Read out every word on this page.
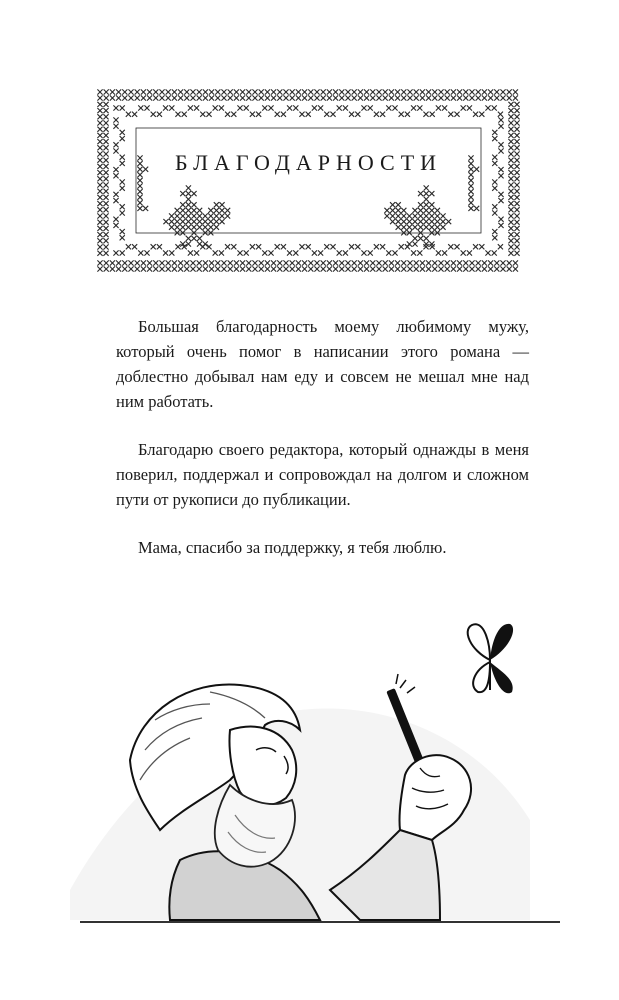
БЛАГОДАРНОСТИ

Большая благодарность моему любимому мужу, который очень помог в написании этого романа — доблестно добывал нам еду и совсем не мешал мне над ним работать.

Благодарю своего редактора, который однажды в меня поверил, поддержал и сопровождал на долгом и сложном пути от рукописи до публикации.

Мама, спасибо за поддержку, я тебя люблю.
